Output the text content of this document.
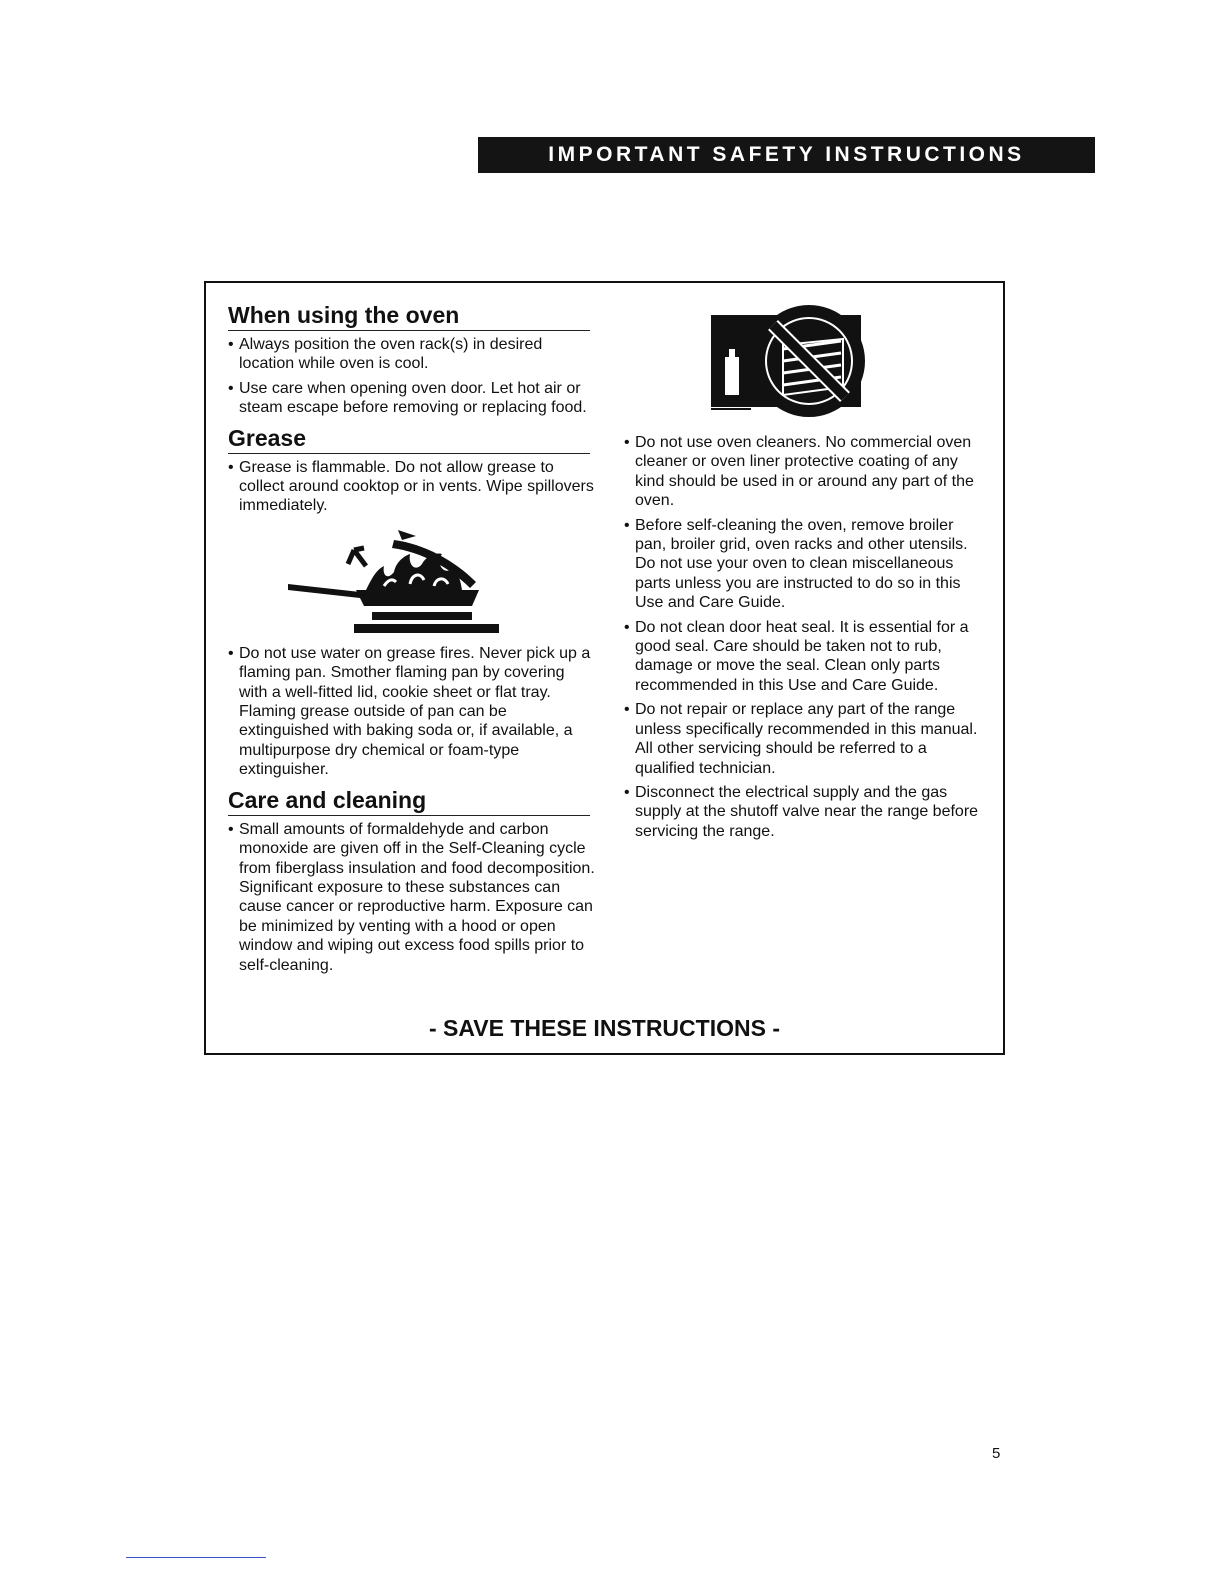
IMPORTANT SAFETY INSTRUCTIONS
When using the oven
• Always position the oven rack(s) in desired location while oven is cool.
• Use care when opening oven door. Let hot air or steam escape before removing or replacing food.
Grease
• Grease is flammable. Do not allow grease to collect around cooktop or in vents. Wipe spillovers immediately.
• Do not use water on grease fires. Never pick up a flaming pan. Smother flaming pan by covering with a well-fitted lid, cookie sheet or flat tray. Flaming grease outside of pan can be extinguished with baking soda or, if available, a multipurpose dry chemical or foam-type extinguisher.
Care and cleaning
• Small amounts of formaldehyde and carbon monoxide are given off in the Self-Cleaning cycle from fiberglass insulation and food decomposition. Significant exposure to these substances can cause cancer or reproductive harm. Exposure can be minimized by venting with a hood or open window and wiping out excess food spills prior to self-cleaning.
• Do not use oven cleaners. No commercial oven cleaner or oven liner protective coating of any kind should be used in or around any part of the oven.
• Before self-cleaning the oven, remove broiler pan, broiler grid, oven racks and other utensils. Do not use your oven to clean miscellaneous parts unless you are instructed to do so in this Use and Care Guide.
• Do not clean door heat seal. It is essential for a good seal. Care should be taken not to rub, damage or move the seal. Clean only parts recommended in this Use and Care Guide.
• Do not repair or replace any part of the range unless specifically recommended in this manual. All other servicing should be referred to a qualified technician.
• Disconnect the electrical supply and the gas supply at the shutoff valve near the range before servicing the range.
- SAVE THESE INSTRUCTIONS -
5
